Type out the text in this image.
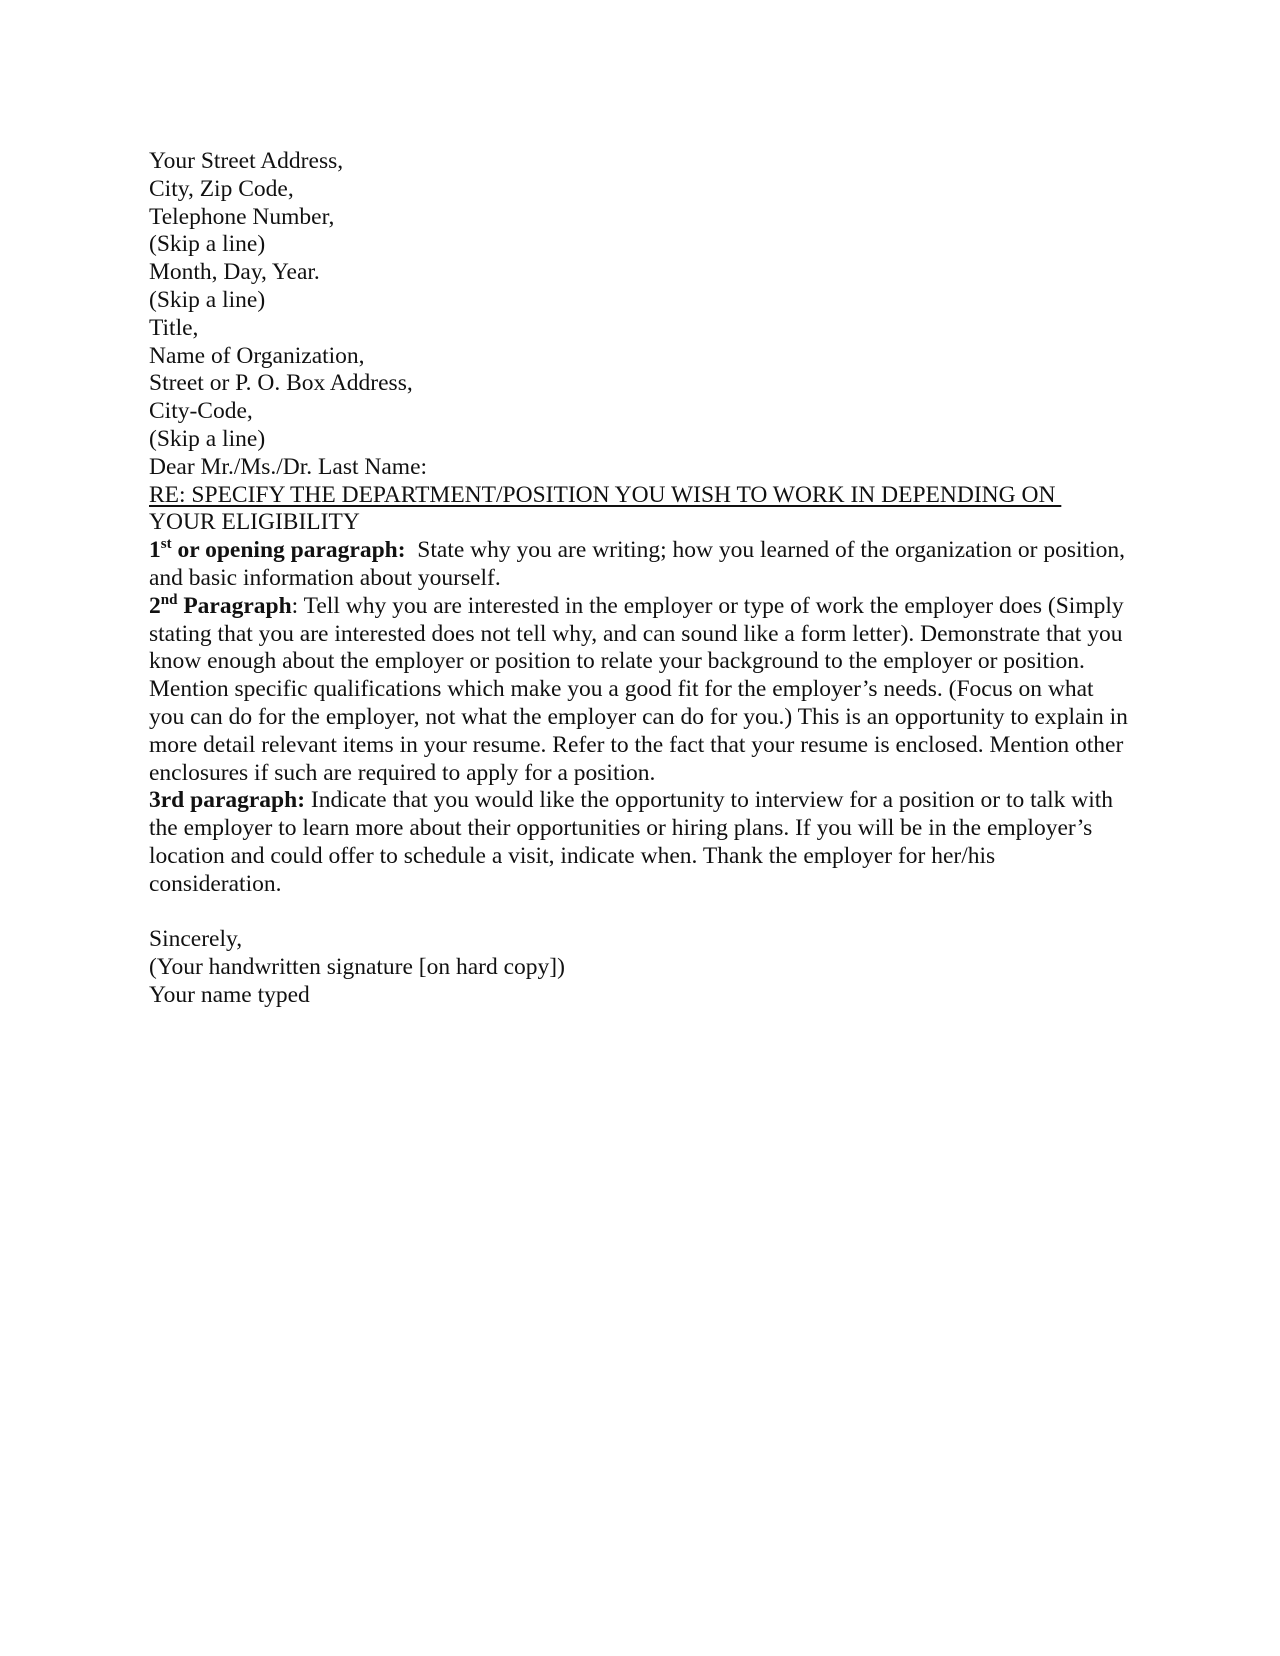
Your Street Address,
City, Zip Code,
Telephone Number,
(Skip a line)
Month, Day, Year.
(Skip a line)
Title,
Name of Organization,
Street or P. O. Box Address,
City-Code,
(Skip a line)
Dear Mr./Ms./Dr. Last Name:
RE: SPECIFY THE DEPARTMENT/POSITION YOU WISH TO WORK IN DEPENDING ON
YOUR ELIGIBILITY
1st or opening paragraph:  State why you are writing; how you learned of the organization or position, and basic information about yourself.
2nd Paragraph: Tell why you are interested in the employer or type of work the employer does (Simply stating that you are interested does not tell why, and can sound like a form letter). Demonstrate that you know enough about the employer or position to relate your background to the employer or position. Mention specific qualifications which make you a good fit for the employer’s needs. (Focus on what you can do for the employer, not what the employer can do for you.) This is an opportunity to explain in more detail relevant items in your resume. Refer to the fact that your resume is enclosed. Mention other enclosures if such are required to apply for a position.
3rd paragraph: Indicate that you would like the opportunity to interview for a position or to talk with the employer to learn more about their opportunities or hiring plans. If you will be in the employer’s location and could offer to schedule a visit, indicate when. Thank the employer for her/his consideration.
Sincerely,
(Your handwritten signature [on hard copy])
Your name typed
